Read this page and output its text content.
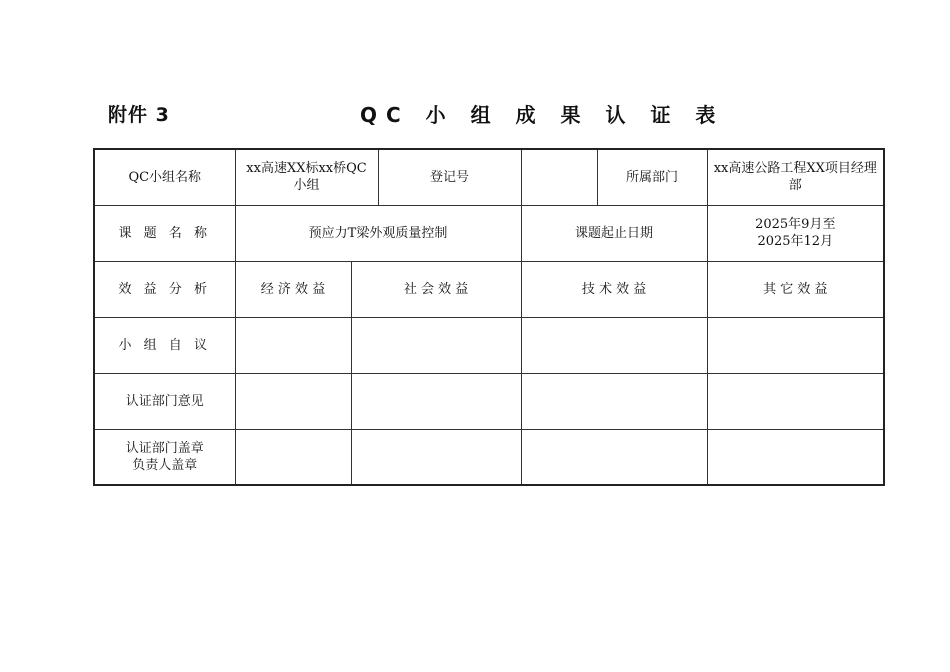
附件 3	QC 小 组 成 果 认 证 表
QC小组名称	xx高速XX标xx桥QC小组		登记号		所属部门	xx高速公路工程XX项目经理部
课 题 名 称	预应力T梁外观质量控制			课题起止日期		2025年9月至
2025年12月

效 益 分 析	经 济 效 益	社 会 效 益		技 术 效 益		其 它 效 益
小 组 自 议						
认证部门意见						

认证部门盖章
负责人盖章						
